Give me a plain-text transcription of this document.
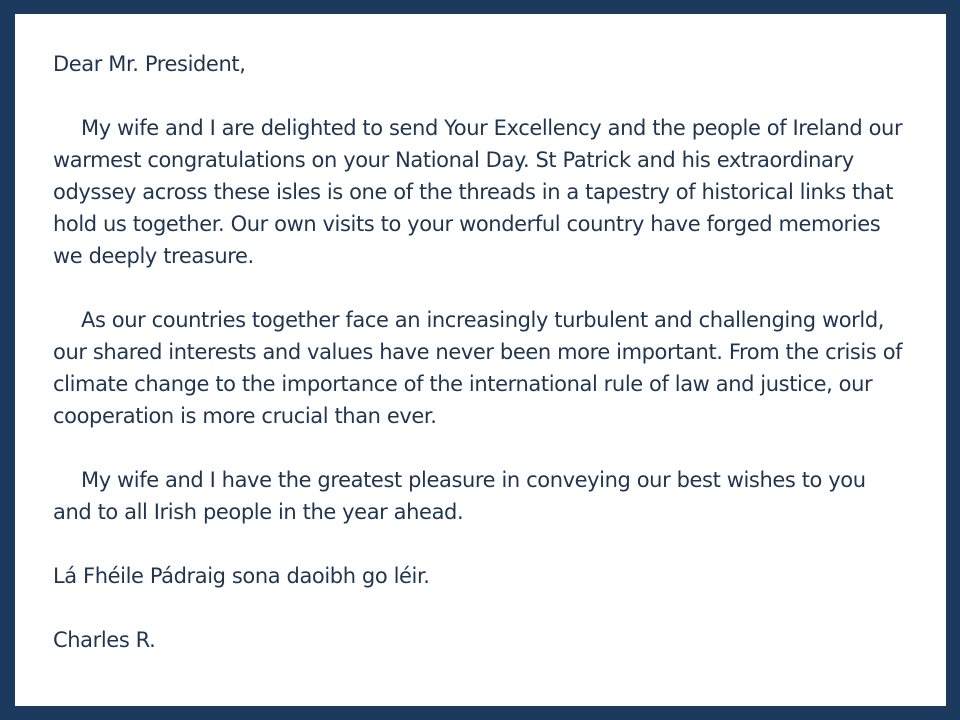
Dear Mr. President,

My wife and I are delighted to send Your Excellency and the people of Ireland our warmest congratulations on your National Day. St Patrick and his extraordinary odyssey across these isles is one of the threads in a tapestry of historical links that hold us together. Our own visits to your wonderful country have forged memories we deeply treasure.

As our countries together face an increasingly turbulent and challenging world, our shared interests and values have never been more important. From the crisis of climate change to the importance of the international rule of law and justice, our cooperation is more crucial than ever.

My wife and I have the greatest pleasure in conveying our best wishes to you and to all Irish people in the year ahead.

Lá Fhéile Pádraig sona daoibh go léir.

Charles R.
